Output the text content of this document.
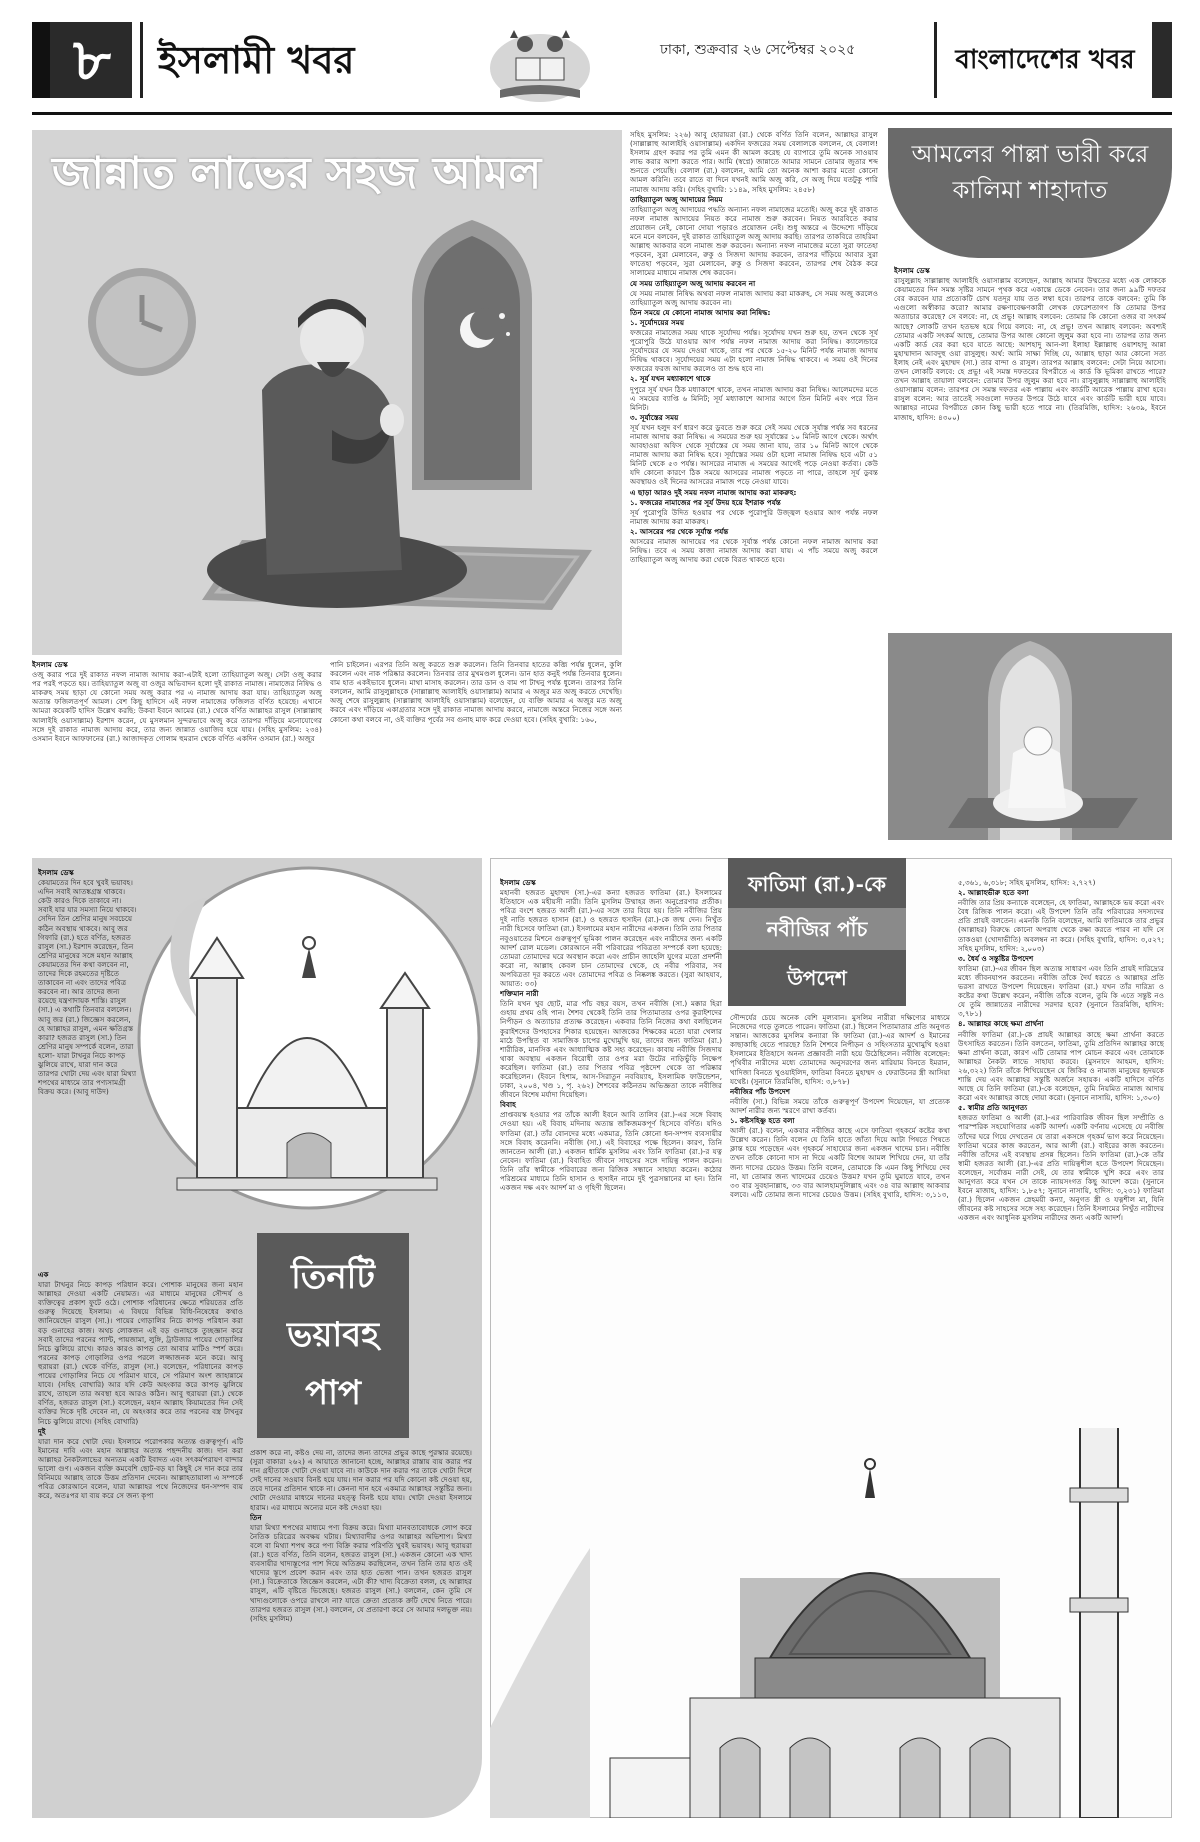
৮	ইসলামী খবর	ঢাকা, শুক্রবার ২৬ সেপ্টেম্বর ২০২৫	বাংলাদেশের খবর
জান্নাত লাভের সহজ আমল

সহিহ মুসলিম: ২২৬) আবু হোরায়রা (রা.) থেকে বর্ণিত তিনি বলেন, আল্লাহর রাসুল (সাল্লাল্লাহু আলাইহি ওয়াসাল্লাম) একদিন ফজরের সময় বেলালকে বললেন, হে বেলাল! ইসলাম গ্রহণ করার পর তুমি এমন কী আমল করেছ যে ব্যাপারে তুমি অনেক সাওয়াব লাভ করার আশা করতে পার। আমি (স্বপ্নে) জান্নাতে আমার সামনে তোমার জুতার শব্দ শুনতে পেয়েছি। বেলাল (রা.) বললেন, আমি তো অনেক আশা করার মতো কোনো আমল করিনি। তবে রাতে বা দিনে যখনই আমি অজু করি, সে অজু দিয়ে যতটুকু পারি নামাজ আদায় করি। (সহিহ বুখারি: ১১৪৯, সহিহ মুসলিম: ২৪৫৮)

তাহিয়্যাতুল অজু আদায়ের নিয়ম

তাহিয়্যাতুল অজু আদায়ের পদ্ধতি অন্যান্য নফল নামাজের মতোই। অজু করে দুই রাকাত নফল নামাজ আদায়ের নিয়ত করে নামাজ শুরু করবেন। নিয়ত আরবিতে করার প্রয়োজন নেই, কোনো দোয়া পড়ারও প্রয়োজন নেই। শুধু অন্তরে এ উদ্দেশ্যে দাঁড়িয়ে মনে মনে বলবেন, দুই রাকাত তাহিয়্যাতুল অজু আদায় করছি। তারপর তাকবিরে তাহরিমা আল্লাহু আকবার বলে নামাজ শুরু করবেন। অন্যান্য নফল নামাজের মতো সুরা ফাতেহা পড়বেন, সুরা মেলাবেন, রুকু ও সিজদা আদায় করবেন, তারপর দাঁড়িয়ে আবার সুরা ফাতেহা পড়বেন, সুরা মেলাবেন, রুকু ও সিজদা করবেন, তারপর শেষ বৈঠক করে সালামের মাধ্যমে নামাজ শেষ করবেন।

যে সময় তাহিয়্যাতুল অজু আদায় করবেন না

যে সময় নামাজ নিষিদ্ধ অথবা নফল নামাজ আদায় করা মাকরুহ, সে সময় অজু করলেও তাহিয়্যাতুল অজু আদায় করবেন না।

তিন সময়ে যে কোনো নামাজ আদায় করা নিষিদ্ধ:

১. সূর্যোদয়ের সময়

ফজরের নামাজের সময় থাকে সূর্যোদয় পর্যন্ত। সূর্যোদয় যখন শুরু হয়, তখন থেকে সূর্য পুরোপুরি উঠে যাওয়ার আগ পর্যন্ত নফল নামাজ আদায় করা নিষিদ্ধ। ক্যালেন্ডারে সূর্যোদয়ের যে সময় দেওয়া থাকে, তার পর থেকে ১৫-২০ মিনিট পর্যন্ত নামাজ আদায় নিষিদ্ধ থাকবে। সূর্যোদয়ের সময় এটা হলো নামাজ নিষিদ্ধ থাকবে। এ সময় ওই দিনের ফজরের ফরজ আদায় করলেও তা শুদ্ধ হবে না।

২. সূর্য যখন মধ্যাকাশে থাকে

দুপুরে সূর্য যখন ঠিক মধ্যাকাশে থাকে, তখন নামাজ আদায় করা নিষিদ্ধ। আলেমদের মতে এ সময়ের ব্যাপ্তি ৬ মিনিট; সূর্য মধ্যাকাশে আসার আগে তিন মিনিট এবং পরে তিন মিনিট।

৩. সূর্যাস্তের সময়

সূর্য যখন হলুদ বর্ণ ধারণ করে ডুবতে শুরু করে সেই সময় থেকে সূর্যাস্ত পর্যন্ত সব ধরনের নামাজ আদায় করা নিষিদ্ধ। এ সময়ের শুরু হয় সূর্যাস্তের ১০ মিনিট আগে থেকে। অর্থাৎ আবহাওয়া অফিস থেকে সূর্যাস্তের যে সময় জানা যায়, তার ১০ মিনিট আগে থেকে নামাজ আদায় করা নিষিদ্ধ হবে। সূর্যাস্তের সময় ওটা হলো নামাজ নিষিদ্ধ হবে এটা ৫১ মিনিট থেকে ৫৩ পর্যন্ত। আসরের নামাজ এ সময়ের আগেই পড়ে নেওয়া কর্তব্য। কেউ যদি কোনো কারণে ঠিক সময়ে আসরের নামাজ পড়তে না পারে, তাহলে সূর্য ডুবন্ত অবস্থায়ও ওই দিনের আসরের নামাজ পড়ে নেওয়া যাবে।

এ ছাড়া আরও দুই সময় নফল নামাজ আদায় করা মাকরুহ:

১. ফজরের নামাজের পর সূর্য উদয় হয়ে ইশরাক পর্যন্ত

সূর্য পুরোপুরি উদিত হওয়ার পর থেকে পুরোপুরি উজ্জ্বল হওয়ার আগ পর্যন্ত নফল নামাজ আদায় করা মাকরুহ।

২. আসরের পর থেকে সূর্যাস্ত পর্যন্ত

আসরের নামাজ আদায়ের পর থেকে সূর্যাস্ত পর্যন্ত কোনো নফল নামাজ আদায় করা নিষিদ্ধ। তবে এ সময় কাজা নামাজ আদায় করা যায়। এ পাঁচ সময়ে অজু করলে তাহিয়্যাতুল অজু আদায় করা থেকে বিরত থাকতে হবে।

ইসলাম ডেস্ক

ওজু করার পরে দুই রাকাত নফল নামাজ আদায় করা-এটাই হলো তাহিয়্যাতুল অজু। সেটা ওজু করার পর পরই পড়তে হয়। তাহিয়্যাতুল অজু বা ওজুর অভিবাদন হলো দুই রাকাত নামাজ। নামাজের নিষিদ্ধ ও মাকরুহ সময় ছাড়া যে কোনো সময় অজু করার পর এ নামাজ আদায় করা যায়। তাহিয়্যাতুল অজু অত্যন্ত ফজিলতপূর্ণ আমল। বেশ কিছু হাদিসে এই নফল নামাজের ফজিলত বর্ণিত হয়েছে। এখানে আমরা কয়েকটি হাদিস উল্লেখ করছি: উকবা ইবনে আমের (রা.) থেকে বর্ণিত আল্লাহর রাসুল (সাল্লাল্লাহু আলাইহি ওয়াসাল্লাম) ইরশাদ করেন, যে মুসলমান সুন্দরভাবে অজু করে তারপর দাঁড়িয়ে মনোযোগের সঙ্গে দুই রাকাত নামাজ আদায় করে, তার জন্য জান্নাত ওয়াজিব হয়ে যায়। (সহিহ মুসলিম: ২৩৪) ওসমান ইবনে আফফানের (রা.) আজাদকৃত গোলাম হুমরান থেকে বর্ণিত একদিন ওসমান (রা.) অজুর

পানি চাইলেন। এরপর তিনি অজু করতে শুরু করলেন। তিনি তিনবার হাতের কব্জি পর্যন্ত ধুলেন, কুলি করলেন এবং নাক পরিষ্কার করলেন। তিনবার তার মুখমণ্ডল ধুলেন। ডান হাত কনুই পর্যন্ত তিনবার ধুলেন। বাম হাত একইভাবে ধুলেন। মাথা মাসাহ করলেন। তার ডান ও বাম পা টাখনু পর্যন্ত ধুলেন। তারপর তিনি বললেন, আমি রাসুলুল্লাহকে (সাল্লাল্লাহু আলাইহি ওয়াসাল্লাম) আমার এ অজুর মত অজু করতে দেখেছি। অজু শেষে রাসুলুল্লাহ (সাল্লাল্লাহু আলাইহি ওয়াসাল্লাম) বলেছেন, যে ব্যক্তি আমার এ অজুর মত অজু করবে এবং দাঁড়িয়ে একাগ্রতার সঙ্গে দুই রাকাত নামাজ আদায় করবে, নামাজে অন্তরে নিজের সঙ্গে অন্য কোনো কথা বলবে না, ওই ব্যক্তির পূর্বের সব গুনাহ মাফ করে দেওয়া হবে। (সহিহ বুখারি: ১৬০,

আমলের পাল্লা ভারী করে কালিমা শাহাদাত

ইসলাম ডেস্ক

রাসুলুল্লাহ সাল্লাল্লাহু আলাইহি ওয়াসাল্লাম বলেছেন, আল্লাহ আমার উম্মতের মধ্যে এক লোককে কেয়ামতের দিন সমস্ত সৃষ্টির সামনে পৃথক করে একান্তে ডেকে নেবেন। তার জন্য ৯৯টি দফতর বের করবেন যার প্রত্যেকটি চোখ যতদূর যায় তত লম্বা হবে। তারপর তাকে বলবেন: তুমি কি এগুলো অস্বীকার করো? আমার রক্ষণাবেক্ষণকারী লেখক ফেরেশতাগণ কি তোমার উপর অত্যাচার করেছে? সে বলবে: না, হে প্রভু! আল্লাহ বলবেন: তোমার কি কোনো ওজর বা সৎকর্ম আছে? লোকটি তখন হতভম্ব হয়ে গিয়ে বলবে: না, হে প্রভু! তখন আল্লাহ বলবেন: অবশ্যই তোমার একটি সৎকর্ম আছে, তোমার উপর আজ কোনো জুলুম করা হবে না। তারপর তার জন্য একটি কার্ড বের করা হবে যাতে আছে: আশহাদু আন-লা ইলাহা ইল্লাল্লাহু ওয়াশহাদু আন্না মুহাম্মাদান আবদুহু ওয়া রাসুলুহু। অর্থ: আমি সাক্ষ্য দিচ্ছি যে, আল্লাহ ছাড়া আর কোনো সত্য ইলাহ নেই এবং মুহাম্মদ (সা.) তার বান্দা ও রাসুল। তারপর আল্লাহ বলবেন: সেটা নিয়ে আসো। তখন লোকটি বলবে: হে প্রভু! এই সমস্ত দফতরের বিপরীতে এ কার্ড কি ভূমিকা রাখতে পারে? তখন আল্লাহ তায়ালা বলবেন: তোমার উপর জুলুম করা হবে না। রাসুলুল্লাহ সাল্লাল্লাহু আলাইহি ওয়াসাল্লাম বলেন: তারপর সে সমস্ত দফতর এক পাল্লায় এবং কার্ডটি আরেক পাল্লায় রাখা হবে। রাসুল বলেন: আর তাতেই সবগুলো দফতর উপরে উঠে যাবে এবং কার্ডটি ভারী হয়ে যাবে। আল্লাহর নামের বিপরীতে কোন কিছু ভারী হতে পারে না। (তিরমিজি, হাদিস: ২৬৩৯, ইবনে মাজাহ, হাদিস: ৪৩০০)

ইসলাম ডেস্ক

কেয়ামতের দিন হবে খুবই ভয়াবহ। এদিন সবাই আতঙ্কগ্রস্ত থাকবে। কেউ কারও দিকে তাকাবে না। সবাই যার যার সমস্যা নিয়ে থাকবে। সেদিন তিন শ্রেণির মানুষ সবচেয়ে কঠিন অবস্থায় থাকবে। আবু জর গিফারি (রা.) হতে বর্ণিত, হজরত রাসুল (সা.) ইরশাদ করেছেন, তিন শ্রেণির মানুষের সঙ্গে মহান আল্লাহ কেয়ামতের দিন কথা বলবেন না, তাদের দিকে রহমতের দৃষ্টিতে তাকাবেন না এবং তাদের পবিত্র করবেন না। আর তাদের জন্য রয়েছে যন্ত্রণাদায়ক শাস্তি। রাসুল (সা.) এ কথাটি তিনবার বললেন। আবু জর (রা.) জিজ্ঞেস করলেন, হে আল্লাহর রাসুল, এমন ক্ষতিগ্রস্ত কারা? হজরত রাসুল (সা.) তিন শ্রেণির মানুষ সম্পর্কে বলেন, তারা হলো- যারা টাখনুর নিচে কাপড় ঝুলিয়ে রাখে, যারা দান করে তারপর খোটা দেয় এবং যারা মিথ্যা শপথের মাধ্যমে তার পণ্যসামগ্রী বিক্রয় করে। (আবু দাউদ)

তিনটি
ভয়াবহ
পাপ

এক

যারা টাখনুর নিচে কাপড় পরিধান করে। পোশাক মানুষের জন্য মহান আল্লাহর দেওয়া একটি নেয়ামত। এর মাধ্যমে মানুষের সৌন্দর্য ও ব্যক্তিত্বের প্রকাশ ফুটে ওঠে। পোশাক পরিধানের ক্ষেত্রে শরিয়তের প্রতি গুরুত্ব দিয়েছে ইসলাম। এ বিষয়ে বিভিন্ন বিধি-নিষেধের কথাও জানিয়েছেন রাসুল (সা.)। পায়ের গোড়ালির নিচে কাপড় পরিধান করা বড় গুনাহের কাজ। অথচ লোকজন এই বড় গুনাহকে তুচ্ছজ্ঞান করে সবাই তাদের পরনের প্যান্ট, পায়জামা, লুঙ্গি, ট্রাউজার পায়ের গোড়ালির নিচে ঝুলিয়ে রাখে। কারও কারও কাপড় তো আবার মাটিও স্পর্শ করে। পরনের কাপড় গোড়ালির ওপর পরলে লজ্জাজনক মনে করে। আবু হুরায়রা (রা.) থেকে বর্ণিত, রাসুল (সা.) বলেছেন, পরিধানের কাপড় পায়ের গোড়ালির নিচে যে পরিমাণ যাবে, সে পরিমাণ অংশ জাহান্নামে যাবে। (সহিহ বোখারি) আর যদি কেউ অহংকার করে কাপড় ঝুলিয়ে রাখে, তাহলে তার অবস্থা হবে আরও কঠিন। আবু হুরায়রা (রা.) থেকে বর্ণিত, হজরত রাসুল (সা.) বলেছেন, মহান আল্লাহ কিয়ামতের দিন সেই ব্যক্তির দিকে দৃষ্টি দেবেন না, যে অহংকার করে তার পরনের বস্ত্র টাখনুর নিচে ঝুলিয়ে রাখে। (সহিহ বোখারি)

দুই

যারা দান করে খোটা দেয়। ইসলামে পরোপকার অত্যন্ত গুরুত্বপূর্ণ। এটি ইমানের দাবি এবং মহান আল্লাহর অত্যন্ত পছন্দনীয় কাজ। দান করা আল্লাহর নৈকট্যলাভের অন্যতম একটি ইবাদত এবং সৎকর্মপরায়ণ বান্দার ভালো গুণ। একজন ব্যক্তি কমবেশি ছোট-বড় যা কিছুই সে দান করে তার বিনিময়ে আল্লাহ তাকে উত্তম প্রতিদান দেবেন। আল্লাহতায়ালা এ সম্পর্কে পবিত্র কোরআনে বলেন, যারা আল্লাহর পথে নিজেদের ধন-সম্পদ ব্যয় করে, অতঃপর যা ব্যয় করে সে জন্য কৃপা

প্রকাশ করে না, কষ্টও দেয় না, তাদের জন্য তাদের প্রভুর কাছে পুরস্কার রয়েছে। (সুরা বাকারা ২৬২) এ আয়াতে জানানো হচ্ছে, আল্লাহর রাস্তায় ব্যয় করার পর দান গ্রহীতাকে খোটা দেওয়া যাবে না। কাউকে দান করার পর তাকে খোটা দিলে সেই দানের সওয়াব বিনষ্ট হয়ে যায়। দান করার পর যদি কোনো কষ্ট দেওয়া হয়, তবে দানের প্রতিদান থাকে না। কেননা দান হবে একমাত্র আল্লাহর সন্তুষ্টির জন্য। খোটা দেওয়ার মাধ্যমে দানের মহত্ত্ব বিনষ্ট হয়ে যায়। খোটা দেওয়া ইসলামে হারাম। এর মাধ্যমে অন্যের মনে কষ্ট দেওয়া হয়।

তিন

যারা মিথ্যা শপথের মাধ্যমে পণ্য বিক্রয় করে। মিথ্যা মানবতাবোধকে লোপ করে নৈতিক চরিত্রের অবক্ষয় ঘটায়। মিথ্যাবাদীর ওপর আল্লাহর অভিশাপ। মিথ্যা বলে বা মিথ্যা শপথ করে পণ্য বিক্রি করার পরিণতি খুবই ভয়াবহ। আবু হুরায়রা (রা.) হতে বর্ণিত, তিনি বলেন, হজরত রাসুল (সা.) একজন কোনো এক খাদ্য ব্যবসায়ীর খাদ্যস্তূপের পাশ দিয়ে অতিক্রম করছিলেন, তখন তিনি তার হাত ওই খাদ্যের স্তূপে প্রবেশ করান এবং তার হাত ভেজা পান। তখন হজরত রাসুল (সা.) বিক্রেতাকে জিজ্ঞেস করলেন, এটা কী? খাদ্য বিক্রেতা বলল, হে আল্লাহর রাসুল, এটি বৃষ্টিতে ভিজেছে। হজরত রাসুল (সা.) বললেন, কেন তুমি সে খাদ্যগুলোকে ওপরে রাখলে না? যাতে ক্রেতা প্রত্যেক ক্রটি দেখে নিতে পারে। তারপর হজরত রাসুল (সা.) বললেন, যে প্রতারণা করে সে আমার দলভুক্ত নয়। (সহিহ মুসলিম)

ফাতিমা (রা.)-কে
নবীজির পাঁচ
উপদেশ

ইসলাম ডেস্ক

মহানবী হজরত মুহাম্মদ (সা.)-এর কন্যা হজরত ফাতিমা (রা.) ইসলামের ইতিহাসে এক মহীয়সী নারী। তিনি মুসলিম উম্মাহর জন্য অনুপ্রেরণার প্রতীক। পবিত্র বংশে হজরত আলী (রা.)-এর সঙ্গে তার বিয়ে হয়। তিনি নবীজির প্রিয় দুই নাতি হজরত হাসান (রা.) ও হজরত হুসাইন (রা.)-কে জন্ম দেন। নিখুঁত নারী হিসেবে ফাতিমা (রা.) ইসলামের মহান নারীদের একজন। তিনি তার পিতার নবুওয়াতের মিশনে গুরুত্বপূর্ণ ভূমিকা পালন করেছেন এবং নারীদের জন্য একটি আদর্শ রোল মডেল। কোরআনে নবী পরিবারের পবিত্রতা সম্পর্কে বলা হয়েছে: তোমরা তোমাদের ঘরে অবস্থান করো এবং প্রাচীন জাহেলি যুগের মতো প্রদর্শনী করো না, আল্লাহ কেবল চান তোমাদের থেকে, হে নবীর পরিবার, সব অপবিত্রতা দূর করতে এবং তোমাদের পবিত্র ও নিষ্কলঙ্ক করতে। (সুরা আহযাব, আয়াত: ৩৩)

শক্তিমান নারী

তিনি যখন খুব ছোট, মাত্র পাঁচ বছর বয়স, তখন নবীজি (সা.) মক্কার হিরা গুহায় প্রথম ওহি পান। শৈশব থেকেই তিনি তার পিতামাতার ওপর কুরাইশদের নিপীড়ন ও অত্যাচার প্রত্যক্ষ করেছেন। একবার তিনি নিজের কথা বলছিলেন কুরাইশদের উপহাসের শিকার হয়েছেন। আজকের শিক্ষকের মতো যারা খেলার মাঠে উপস্থিত বা সামাজিক চাপের মুখোমুখি হয়, তাদের জন্য ফাতিমা (রা.) শারীরিক, মানসিক এবং আধ্যাত্মিক কষ্ট সহ্য করেছেন। কাবায় নবীজি সিজদায় থাকা অবস্থায় একজন বিরোধী তার ওপর মরা উটের নাড়িভুঁড়ি নিক্ষেপ করেছিল। ফাতিমা (রা.) তার পিতার পবিত্র পৃষ্ঠদেশ থেকে তা পরিষ্কার করেছিলেন। (ইবনে হিশাম, আস-সিরাতুন নববিয়্যাহ, ইসলামিক ফাউন্ডেশন, ঢাকা, ২০০৪, খণ্ড ১, পৃ. ২৬২) শৈশবের কঠিনতম অভিজ্ঞতা তাকে নবীজির জীবনে বিশেষ মর্যাদা দিয়েছিল।

বিবাহ

প্রাপ্তবয়স্ক হওয়ার পর তাঁকে আলী ইবনে আবি তালিব (রা.)-এর সঙ্গে বিবাহ দেওয়া হয়। এই বিবাহ মদিনায় অত্যন্ত জাঁকজমকপূর্ণ হিসেবে বর্ণিত। যদিও ফাতিমা (রা.) তাঁর বোনদের মধ্যে একমাত্র, তিনি কোনো ধন-সম্পদ ব্যবসায়ীর সঙ্গে বিবাহ করেননি। নবীজি (সা.) এই বিবাহের পক্ষে ছিলেন। কারণ, তিনি জানতেন আলী (রা.) একজন ধার্মিক মুসলিম এবং তিনি ফাতিমা (রা.)-র যত্ন নেবেন। ফাতিমা (রা.) বিবাহিত জীবনে সাহসের সঙ্গে দায়িত্ব পালন করেন। তিনি তাঁর স্বামীকে পরিবারের জন্য রিজিক সন্ধানে সাহায্য করেন। কঠোর পরিশ্রমের মাধ্যমে তিনি হাসান ও হুসাইন নামে দুই পুত্রসন্তানের মা হন। তিনি একজন দক্ষ এবং আদর্শ মা ও গৃহিণী ছিলেন।

সৌন্দর্যের চেয়ে অনেক বেশি মূল্যবান। মুসলিম নারীরা দক্ষিণ্যের মাধ্যমে নিজেদের গড়ে তুলতে পারেন। ফাতিমা (রা.) ছিলেন পিতামাতার প্রতি অনুগত সন্তান। আজকের মুসলিম কন্যারা কি ফাতিমা (রা.)-এর আদর্শ ও ইমানের কাছাকাছি যেতে পারছে? তিনি শৈশবে নিপীড়ন ও সহিংসতার মুখোমুখি হওয়া ইসলামের ইতিহাসে অনন্য প্রজ্ঞাবতী নারী হয়ে উঠেছিলেন। নবীজি বলেছেন: পৃথিবীর নারীদের মধ্যে তোমাদের অনুসরণের জন্য মারিয়াম বিনতে ইমরান, খাদিজা বিনতে খুওয়াইলিদ, ফাতিমা বিনতে মুহাম্মদ ও ফেরাউনের স্ত্রী আসিয়া যথেষ্ট। (সুনানে তিরমিজি, হাদিস: ৩,৮৭৮)

নবীজির পাঁচ উপদেশ

নবীজি (সা.) বিভিন্ন সময়ে তাঁকে গুরুত্বপূর্ণ উপদেশ দিয়েছেন, যা প্রত্যেক আদর্শ নারীর জন্য স্মরণে রাখা কর্তব্য।

১. কষ্টসহিষ্ণু হতে বলা

আলী (রা.) বলেন, একবার নবীজির কাছে এসে ফাতিমা গৃহকর্মে কষ্টের কথা উল্লেখ করেন। তিনি বলেন যে তিনি হাতে জাঁতা দিয়ে আটা পিষতে পিষতে ক্লান্ত হয়ে পড়েছেন এবং গৃহকর্মে সাহায্যের জন্য একজন খাদেম চান। নবীজি তখন তাঁকে কোনো দাস না দিয়ে একটি বিশেষ আমল শিখিয়ে দেন, যা তাঁর জন্য দাসের চেয়েও উত্তম। তিনি বলেন, তোমাকে কি এমন কিছু শিখিয়ে দেব না, যা তোমার জন্য খাদেমের চেয়েও উত্তম? যখন তুমি ঘুমাতে যাবে, তখন ৩৩ বার সুবহানাল্লাহ, ৩৩ বার আলহামদুলিল্লাহ এবং ৩৪ বার আল্লাহু আকবার বলবে। এটি তোমার জন্য দাসের চেয়েও উত্তম। (সহিহ বুখারি, হাদিস: ৩,১১৩,

৫,৩৬১, ৬,৩১৮; সহিহ মুসলিম, হাদিস: ২,৭২৭)

২. আল্লাহভীরু হতে বলা

নবীজি তার প্রিয় কন্যাকে বলেছেন, হে ফাতিমা, আল্লাহকে ভয় করো এবং বৈধ রিজিক পালন করো। এই উপদেশ তিনি তাঁর পরিবারের সদস্যদের প্রতি প্রায়ই বলতেন। এমনকি তিনি বলেছেন, আমি ফাতিমাকে তার প্রভুর (আল্লাহর) বিরুদ্ধে কোনো অপরাধ থেকে রক্ষা করতে পারব না যদি সে তাকওয়া (খোদাভীতি) অবলম্বন না করে। (সহিহ বুখারি, হাদিস: ৩,৫২৭; সহিহ মুসলিম, হাদিস: ২,০০৩)

৩. ধৈর্য ও সন্তুষ্টির উপদেশ

ফাতিমা (রা.)-এর জীবন ছিল অত্যন্ত সাধারণ এবং তিনি প্রায়ই দারিদ্র্যের মধ্যে জীবনযাপন করতেন। নবীজি তাঁকে দৈর্য ধরতে ও আল্লাহর প্রতি ভরসা রাখতে উপদেশ দিয়েছেন। ফাতিমা (রা.) যখন তাঁর দারিদ্র্য ও কষ্টের কথা উল্লেখ করেন, নবীজি তাঁকে বলেন, তুমি কি এতে সন্তুষ্ট নও যে তুমি জান্নাতের নারীদের সরদার হবে? (সুনানে তিরমিজি, হাদিস: ৩,৭৮১)

৪. আল্লাহর কাছে ক্ষমা প্রার্থনা

নবীজি ফাতিমা (রা.)-কে প্রায়ই আল্লাহর কাছে ক্ষমা প্রার্থনা করতে উৎসাহিত করতেন। তিনি বলতেন, ফাতিমা, তুমি প্রতিদিন আল্লাহর কাছে ক্ষমা প্রার্থনা করো, কারণ এটি তোমার পাপ মোচন করবে এবং তোমাকে আল্লাহর নৈকট্য লাভে সাহায্য করবে। (মুসনাদে আহমদ, হাদিস: ২৬,৩২২) তিনি তাঁকে শিখিয়েছেন যে জিকির ও নামাজ মানুষের হৃদয়কে শান্তি দেয় এবং আল্লাহর সন্তুষ্টি অর্জনে সহায়ক। একটি হাদিসে বর্ণিত আছে যে তিনি ফাতিমা (রা.)-কে বলেছেন, তুমি নিয়মিত নামাজ আদায় করো এবং আল্লাহর কাছে দোয়া করো। (সুনানে নাসায়ি, হাদিস: ১,৩০৩)

৫. স্বামীর প্রতি আনুগত্য

হজরত ফাতিমা ও আলী (রা.)-এর পারিবারিক জীবন ছিল সম্প্রীতি ও পারস্পরিক সহযোগিতার একটি আদর্শ। একটি বর্ণনায় এসেছে যে নবীজি তাঁদের ঘরে গিয়ে দেখতেন যে তারা একসঙ্গে গৃহকর্ম ভাগ করে নিয়েছেন। ফাতিমা ঘরের কাজ করতেন, আর আলী (রা.) বাইরের কাজ করতেন। নবীজি তাঁদের এই ব্যবস্থায় প্রসন্ন ছিলেন। তিনি ফাতিমা (রা.)-কে তাঁর স্বামী হজরত আলী (রা.)-এর প্রতি দায়িত্বশীল হতে উপদেশ দিয়েছেন। বলেছেন, সর্বোত্তম নারী সেই, যে তার স্বামীকে খুশি করে এবং তার আনুগত্য করে যখন সে তাকে ন্যায়সংগত কিছু আদেশ করে। (সুনানে ইবনে মাজাহ, হাদিস: ১,৮৫৭; সুনানে নাসায়ি, হাদিস: ৩,২৩১) ফাতিমা (রা.) ছিলেন একজন স্নেহময়ী কন্যা, অনুগত স্ত্রী ও যত্নশীল মা, যিনি জীবনের কষ্ট সাহসের সঙ্গে সহ্য করেছেন। তিনি ইসলামের নিখুঁত নারীদের একজন এবং আধুনিক মুসলিম নারীদের জন্য একটি আদর্শ।
